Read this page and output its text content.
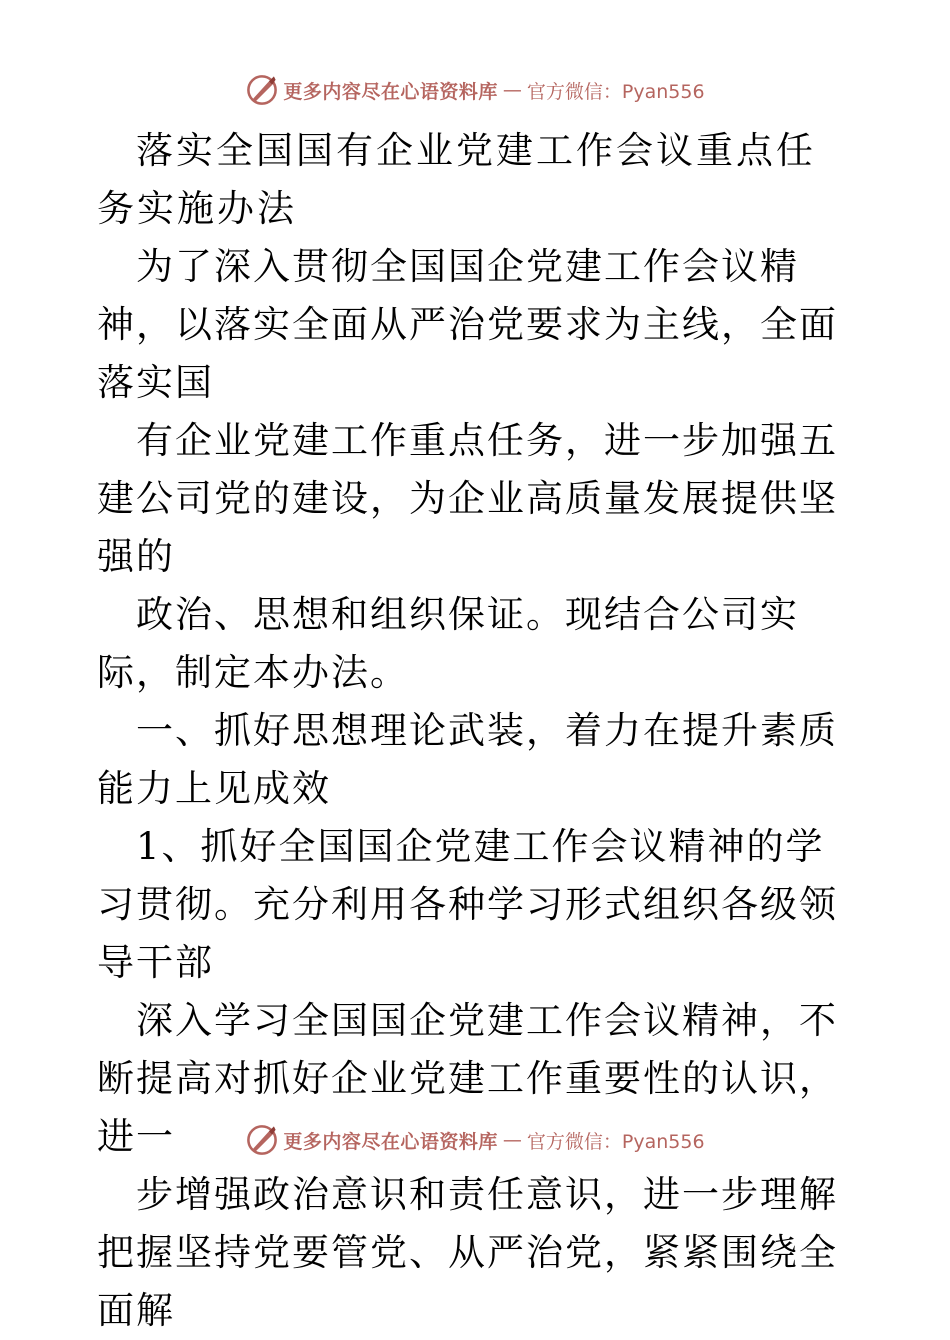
更多内容尽在心语资料库 — 官方微信：Pyan556

落实全国国有企业党建工作会议重点任务实施办法

为了深入贯彻全国国企党建工作会议精神，以落实全面从严治党要求为主线，全面落实国

有企业党建工作重点任务，进一步加强五建公司党的建设，为企业高质量发展提供坚强的

政治、思想和组织保证。现结合公司实际，制定本办法。

一、抓好思想理论武装，着力在提升素质能力上见成效

1、抓好全国国企党建工作会议精神的学习贯彻。充分利用各种学习形式组织各级领导干部

深入学习全国国企党建工作会议精神，不断提高对抓好企业党建工作重要性的认识，进一

步增强政治意识和责任意识，进一步理解把握坚持党要管党、从严治党，紧紧围绕全面解

更多内容尽在心语资料库 — 官方微信：Pyan556
